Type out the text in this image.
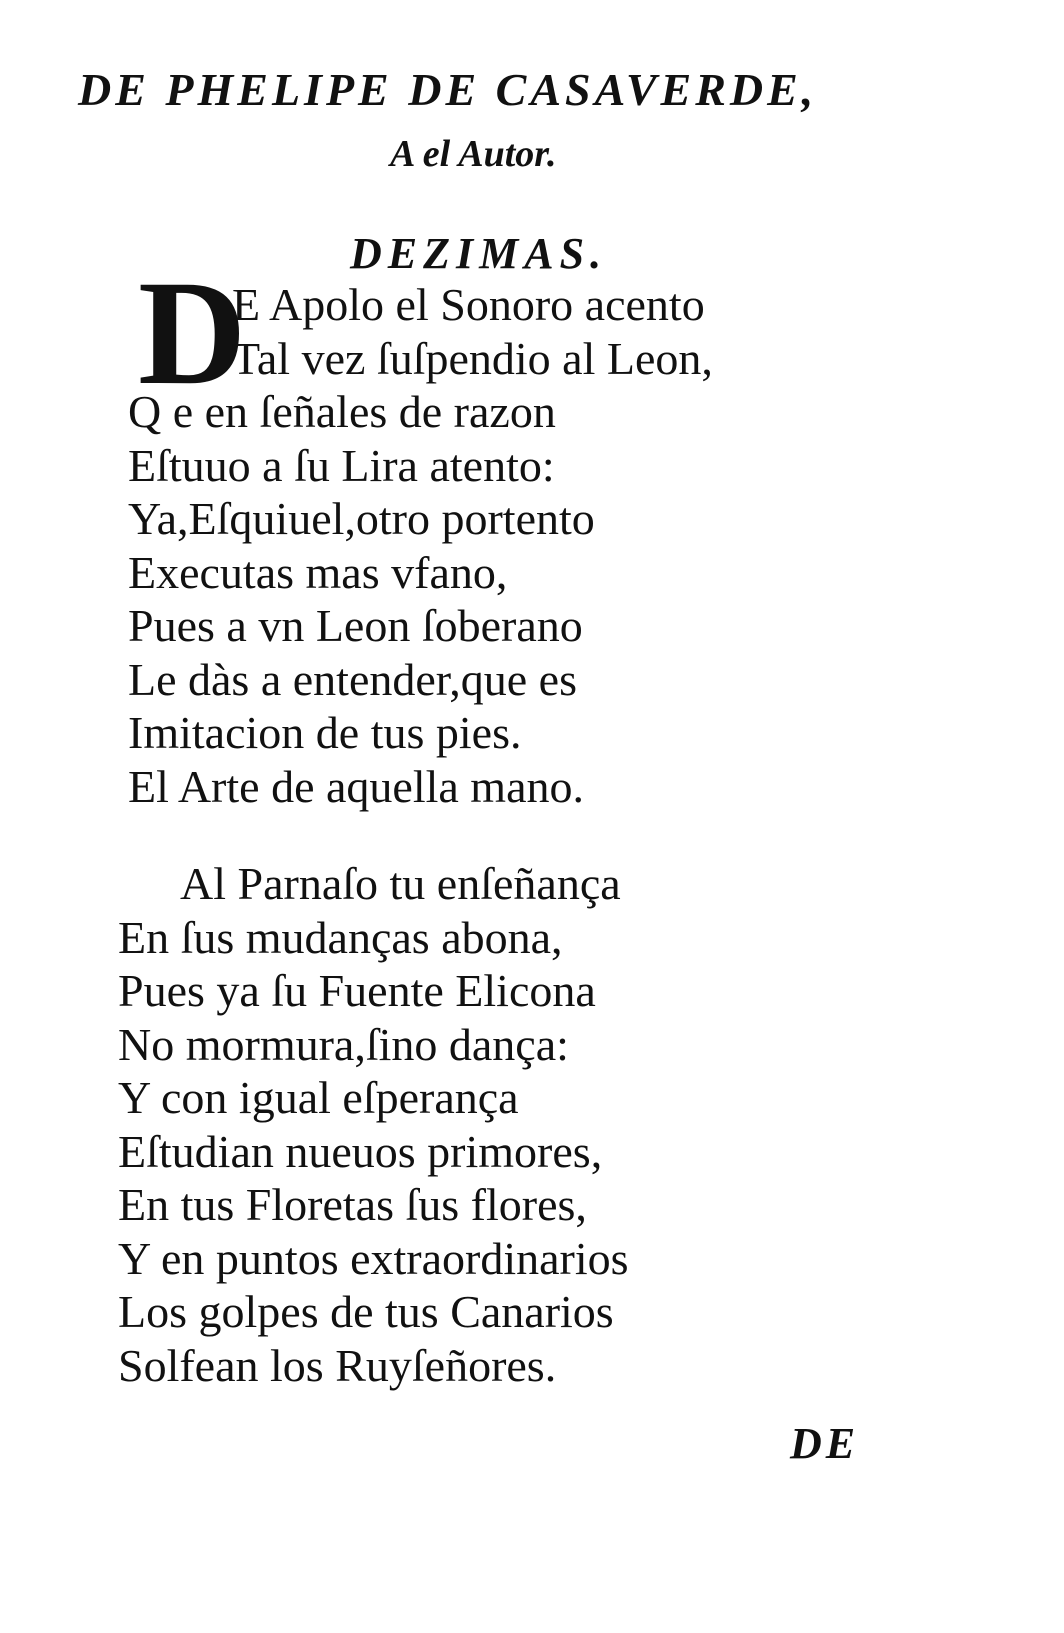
DE PHELIPE DE CASAVERDE,
A el Autor.
DEZIMAS.
D
E Apolo el Sonoro acento
Tal vez ſuſpendio al Leon,
Q e en ſeñales de razon
Eſtuuo a ſu Lira atento:
Ya,Eſquiuel,otro portento
Executas mas vfano,
Pues a vn Leon ſoberano
Le dàs a entender,que es
Imitacion de tus pies.
El Arte de aquella mano.
Al Parnaſo tu enſeñança
En ſus mudanças abona,
Pues ya ſu Fuente Elicona
No mormura,ſino dança:
Y con igual eſperança
Eſtudian nueuos primores,
En tus Floretas ſus flores,
Y en puntos extraordinarios
Los golpes de tus Canarios
Solfean los Ruyſeñores.
DE
